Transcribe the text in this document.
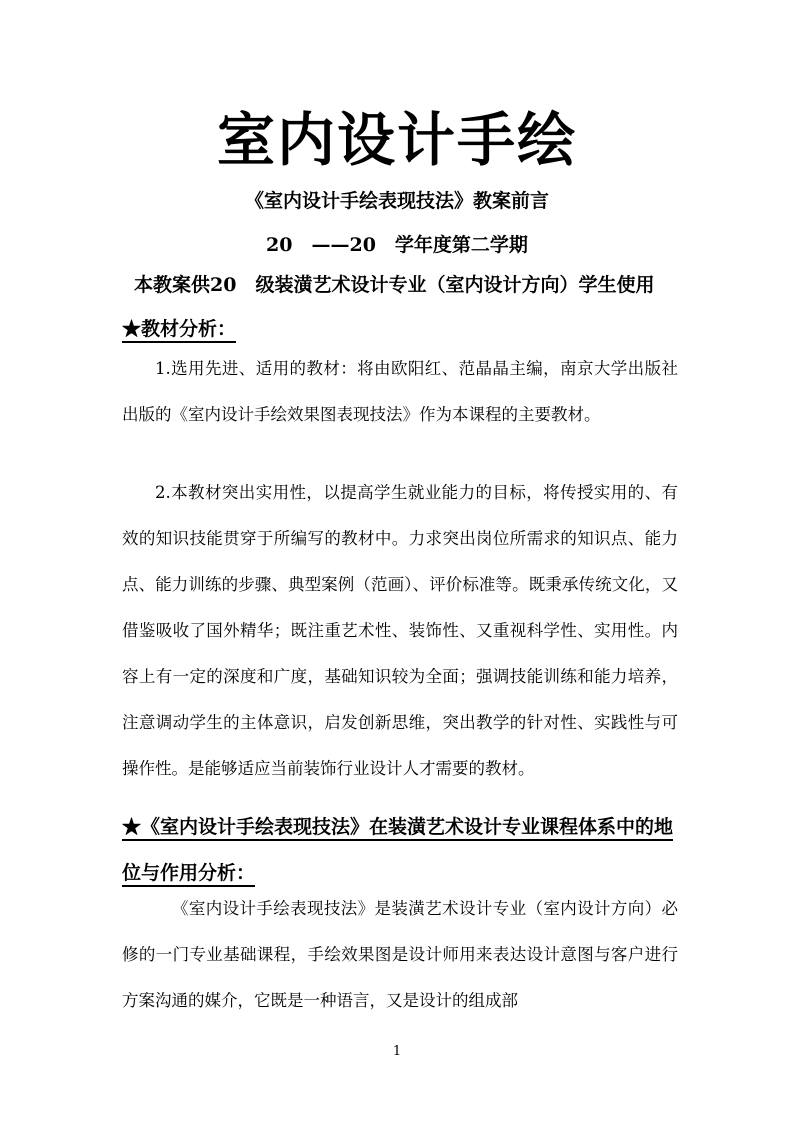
室内设计手绘
《室内设计手绘表现技法》教案前言
20　——20　学年度第二学期
本教案供20　级装潢艺术设计专业（室内设计方向）学生使用
★教材分析：

1.选用先进、适用的教材：将由欧阳红、范晶晶主编，南京大学出版社出版的《室内设计手绘效果图表现技法》作为本课程的主要教材。

2.本教材突出实用性，以提高学生就业能力的目标，将传授实用的、有效的知识技能贯穿于所编写的教材中。力求突出岗位所需求的知识点、能力点、能力训练的步骤、典型案例（范画）、评价标准等。既秉承传统文化，又借鉴吸收了国外精华；既注重艺术性、装饰性、又重视科学性、实用性。内容上有一定的深度和广度，基础知识较为全面；强调技能训练和能力培养，注意调动学生的主体意识，启发创新思维，突出教学的针对性、实践性与可操作性。是能够适应当前装饰行业设计人才需要的教材。

★《室内设计手绘表现技法》在装潢艺术设计专业课程体系中的地位与作用分析：

《室内设计手绘表现技法》是装潢艺术设计专业（室内设计方向）必修的一门专业基础课程，手绘效果图是设计师用来表达设计意图与客户进行方案沟通的媒介，它既是一种语言，又是设计的组成部

1
